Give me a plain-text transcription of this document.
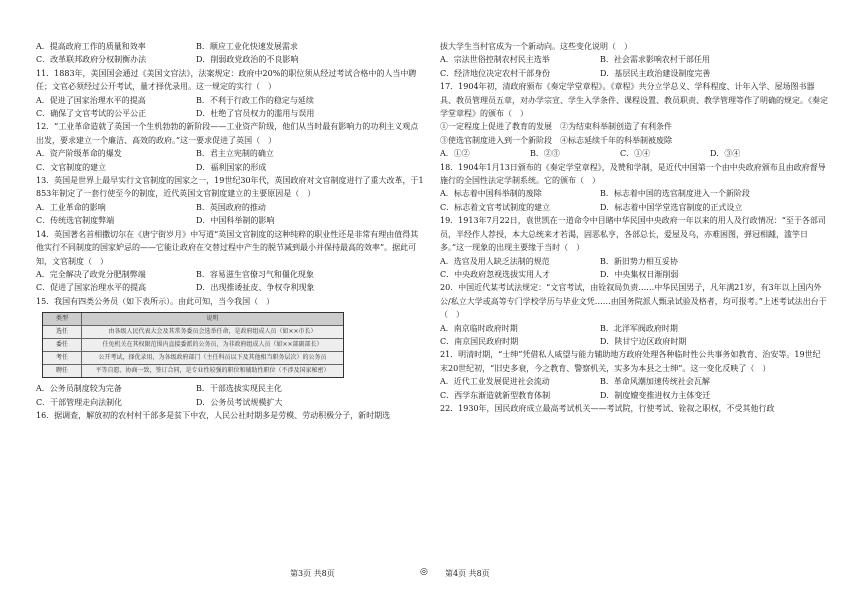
A．提高政府工作的质量和效率	B．顺应工业化快速发展需求
C．改革联邦政府分权制衡办法	D．削弱政党政治的不良影响
11．1883年，美国国会通过《美国文官法》，法案规定：政府中20%的职位须从经过考试合格中的人当中聘任；文官必须经过公开考试，量才择优录用。这一规定的实行（　）
A．促进了国家治理水平的提高	B．不利于行政工作的稳定与延续
C．确保了文官考试的公平公正	D．杜绝了官员权力的滥用与误用
12．“工业革命造就了英国一个生机勃勃的新阶段——工业资产阶级，他们从当时最有影响力的功利主义观点出发，要求建立一个廉洁、高效的政府。”这一要求促进了英国（　）
A．资产阶级革命的爆发	B．君主立宪制的确立
C．文官制度的建立	D．福利国家的形成
13．英国是世界上最早实行文官制度的国家之一，19世纪30年代，英国政府对文官制度进行了重大改革，于1853年制定了一套行使至今的制度，近代英国文官制度建立的主要原因是（　）
A．工业革命的影响	B．英国政府的推动
C．传统选官制度弊端	D．中国科举制的影响
14．英国著名首相撒切尔在《唐宁街岁月》中写道“英国文官制度的这种纯粹的职业性还是非常有理由值得其他实行不同制度的国家妒忌的——它能让政府在交替过程中产生的脱节减到最小并保持最高的效率”。据此可知，文官制度（　）
A．完全解决了政党分肥制弊端	B．容易滋生官僚习气和僵化现象
C．促进了国家治理水平的提高	D．出现推诿扯皮、争权夺利现象
15．我国有四类公务员（如下表所示）。由此可知，当今我国（　）
类型	说明
选任	由各级人民代表大会及其常务委员会选举任命，是政府组成人员（如××市长）
委任	任免机关在其权限范围内直接委派的公务员，为非政府组成人员（如××部副部长）
考任	公开考试，择优录用，为各级政府部门（主任科员以下及其他相当职务层次）的公务员
聘任	平等自愿、协商一致，签订合同，是专业性较强的职位和辅助性职位（不涉及国家秘密）
A．公务员制度较为完备	B．干部选拔实现民主化
C．干部管理走向法制化	D．公务员考试规模扩大
16．据调查，解放初的农村村干部多是贫下中农，人民公社时期多是劳模、劳动积极分子，新时期选
拔大学生当村官成为一个新动向。这些变化说明（　）
A．宗法世俗控制农村民主选举	B．社会需求影响农村干部任用
C．经济地位决定农村干部身份	D．基层民主政治建设制度完善
17．1904年初，清政府颁布《奏定学堂章程》。《章程》共分立学总义、学科程度、计年入学、屋场图书器具、教员管理员五章，对办学宗宣、学生入学条件、课程设置、教员职责、教学管理等作了明确的规定。《奏定学堂章程》的颁布（　）
①一定程度上促进了教育的发展　②为结束科举制创造了有利条件
③使选官制度进入到一个新阶段　④标志延续千年的科举制被废除
A．①②	B．②③	C．①④	D．③④
18．1904年1月13日颁布的《奏定学堂章程》，及赞和学制，是近代中国第一个由中央政府颁布且由政府督导施行的全国性法定学制系统。它的颁布（　）
A．标志着中国科举制的废除	B．标志着中国的选官制度进入一个新阶段
C．标志着文官考试制度的建立	D．标志着中国学堂选官制度的正式设立
19．1913年7月22日，袁世凯在一道命令中目睹中华民国中央政府一年以来的用人及行政情况：“至于各部司员，半经作人荐授，本大总统来才若渴，固恶私亨，各部总长，爱屋及乌，亦难困图，弹冠相踵，滥竽日多。”这一现象的出现主要缘于当时（　）
A．选官及用人缺乏法制的规范	B．新旧势力相互妥协
C．中央政府忽视选拔实用人才	D．中央集权日渐削弱
20．中国近代某考试法规定：“文官考试，由铨叙局负责……中华民国男子，凡年满21岁，有3年以上国内外公/私立大学或高等专门学校学历与毕业文凭……由国务院派人甄录试验及格者，均可报考。”上述考试法出台于（　）
A．南京临时政府时期	B．北洋军阀政府时期
C．南京国民政府时期	D．陕甘宁边区政府时期
21．明清时期，“士绅”凭借私人威望与能力辅助地方政府处理各种临时性公共事务如教育、治安等。19世纪末20世纪初，“旧史多衰，今之教育、警察机关，实多为本县之士绅”。这一变化反映了（　）
A．近代工业发展促进社会流动	B．革命风潮加速传统社会瓦解
C．西学东渐造就新型教育体制	D．制度嬗变推进权力主体变迁
22．1930年，国民政府成立最高考试机关——考试院，行使考试、铨叙之职权，不受其他行政
第3页 共8页	◎ 第4页 共8页
